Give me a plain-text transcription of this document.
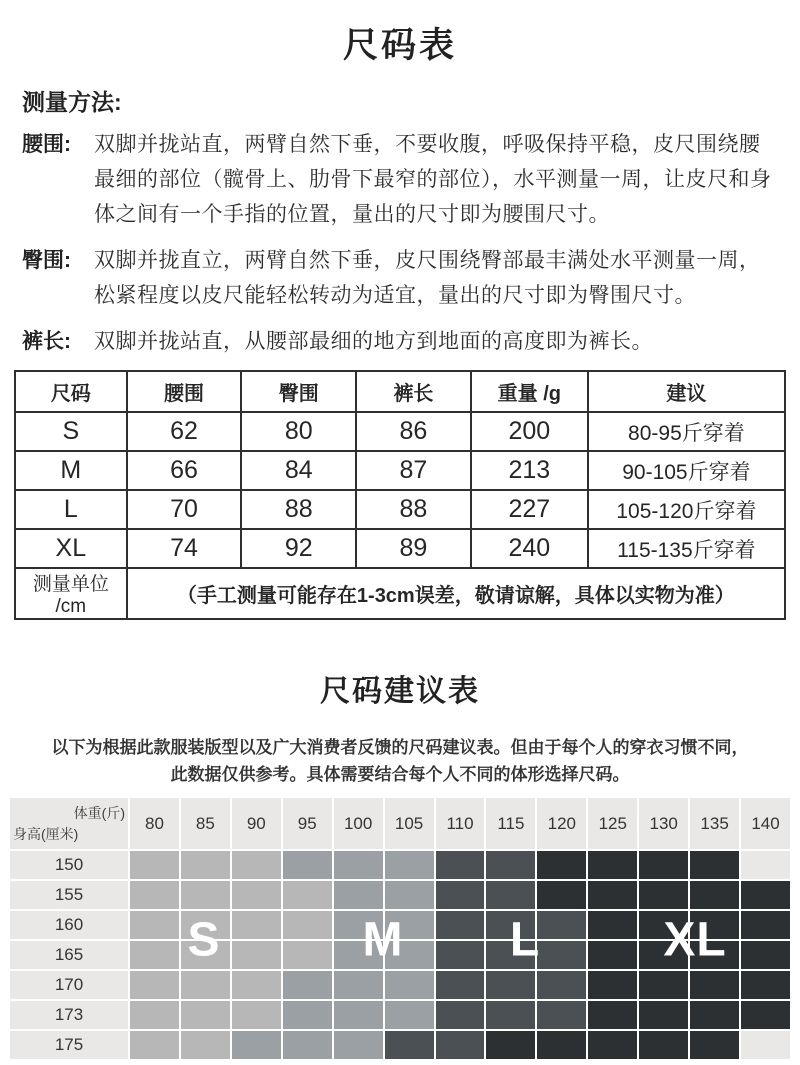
尺码表
测量方法:
腰围:	双脚并拢站直，两臂自然下垂，不要收腹，呼吸保持平稳，皮尺围绕腰最细的部位（髋骨上、肋骨下最窄的部位），水平测量一周，让皮尺和身体之间有一个手指的位置，量出的尺寸即为腰围尺寸。
臀围:	双脚并拢直立，两臂自然下垂，皮尺围绕臀部最丰满处水平测量一周，松紧程度以皮尺能轻松转动为适宜，量出的尺寸即为臀围尺寸。
裤长:	双脚并拢站直，从腰部最细的地方到地面的高度即为裤长。
尺码	腰围	臀围	裤长	重量 /g	建议
S	62	80	86	200	80-95斤穿着
M	66	84	87	213	90-105斤穿着
L	70	88	88	227	105-120斤穿着
XL	74	92	89	240	115-135斤穿着
测量单位 /cm	（手工测量可能存在1-3cm误差，敬请谅解，具体以实物为准）				
尺码建议表
以下为根据此款服装版型以及广大消费者反馈的尺码建议表。但由于每个人的穿衣习惯不同，
此数据仅供参考。具体需要结合每个人不同的体形选择尺码。
体重(斤)
身高(厘米)
80	85	90	95	100	105	110	115	120	125	130	135	140
150
155
160
165
170
173
175
S	M L	XL
